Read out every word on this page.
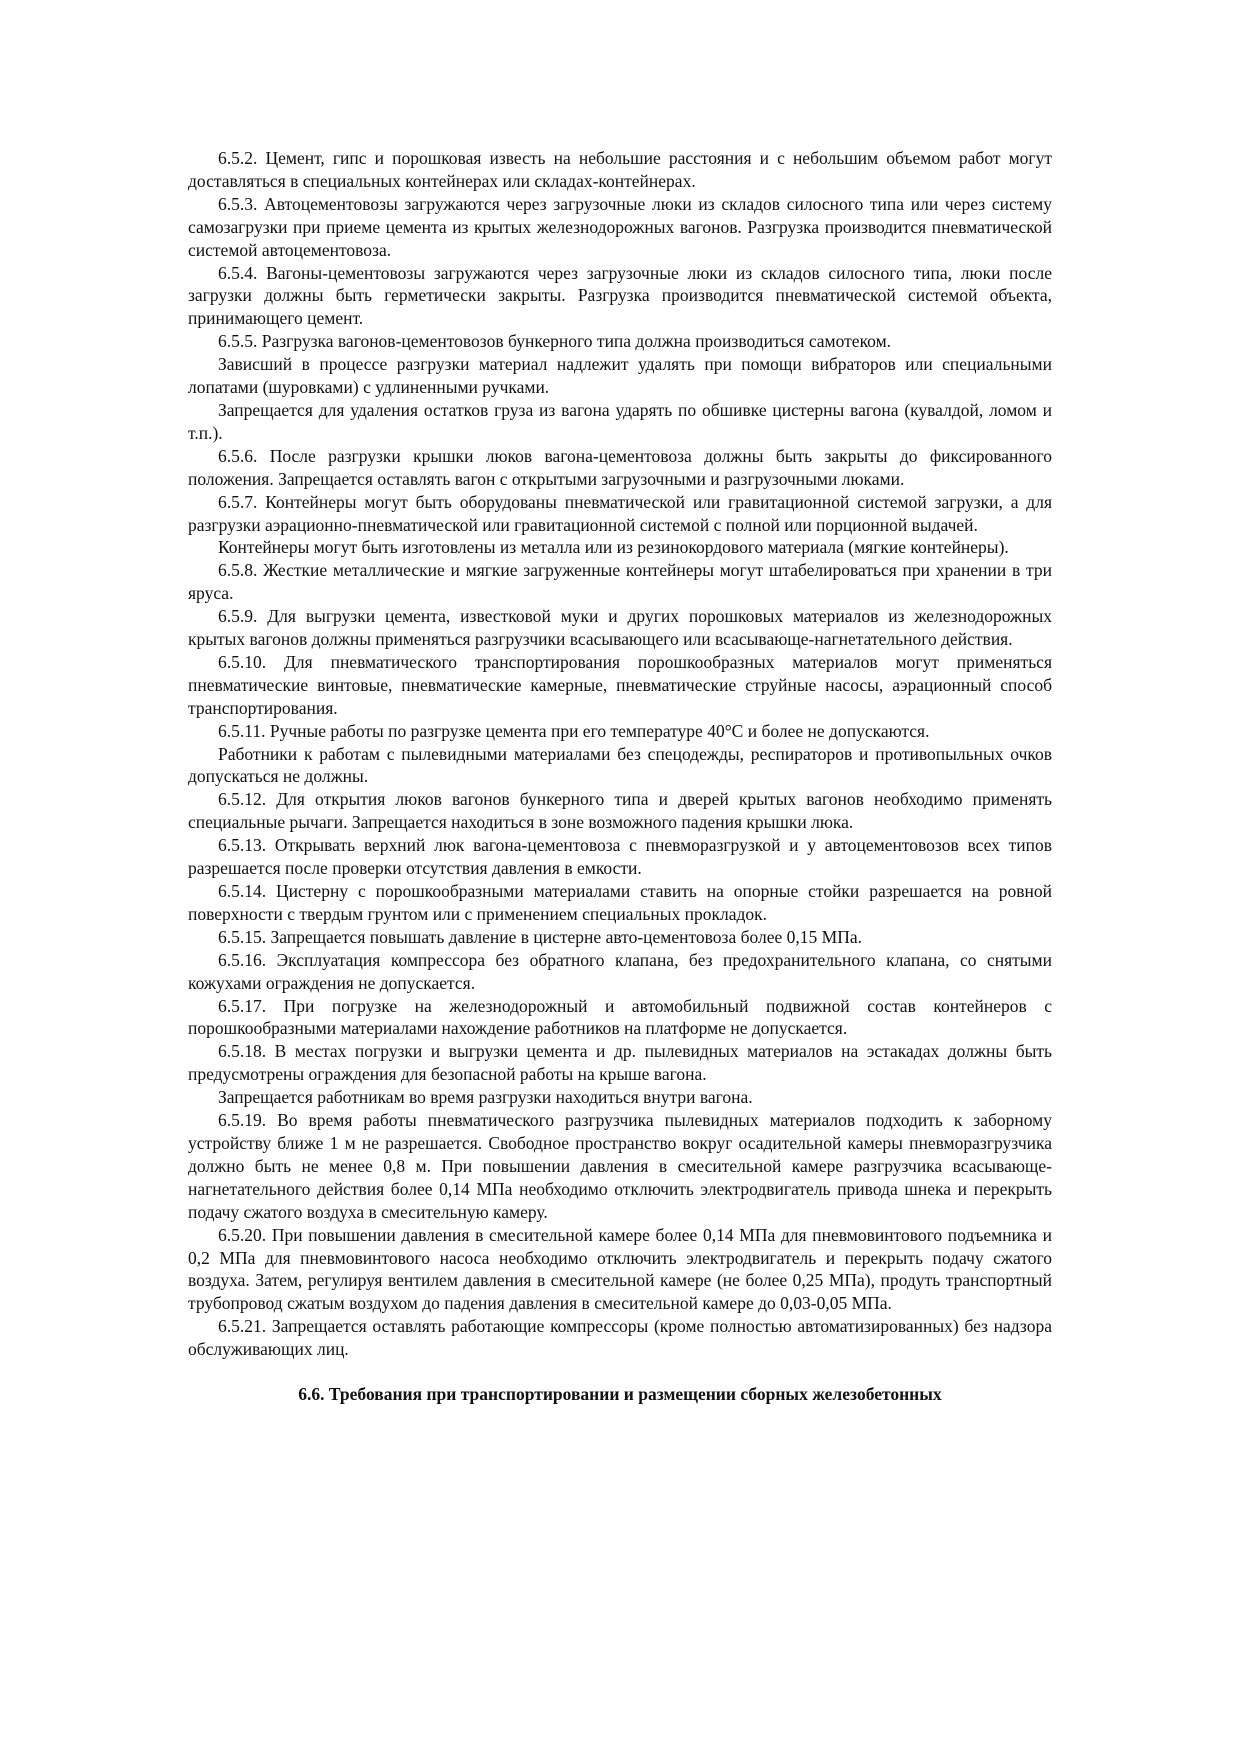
6.5.2. Цемент, гипс и порошковая известь на небольшие расстояния и с небольшим объемом работ могут доставляться в специальных контейнерах или складах-контейнерах.

6.5.3. Автоцементовозы загружаются через загрузочные люки из складов силосного типа или через систему самозагрузки при приеме цемента из крытых железнодорожных вагонов. Разгрузка производится пневматической системой автоцементовоза.

6.5.4. Вагоны-цементовозы загружаются через загрузочные люки из складов силосного типа, люки после загрузки должны быть герметически закрыты. Разгрузка производится пневматической системой объекта, принимающего цемент.

6.5.5. Разгрузка вагонов-цементовозов бункерного типа должна производиться самотеком.

Зависший в процессе разгрузки материал надлежит удалять при помощи вибраторов или специальными лопатами (шуровками) с удлиненными ручками.

Запрещается для удаления остатков груза из вагона ударять по обшивке цистерны вагона (кувалдой, ломом и т.п.).

6.5.6. После разгрузки крышки люков вагона-цементовоза должны быть закрыты до фиксированного положения. Запрещается оставлять вагон с открытыми загрузочными и разгрузочными люками.

6.5.7. Контейнеры могут быть оборудованы пневматической или гравитационной системой загрузки, а для разгрузки аэрационно-пневматической или гравитационной системой с полной или порционной выдачей.

Контейнеры могут быть изготовлены из металла или из резинокордового материала (мягкие контейнеры).

6.5.8. Жесткие металлические и мягкие загруженные контейнеры могут штабелироваться при хранении в три яруса.

6.5.9. Для выгрузки цемента, известковой муки и других порошковых материалов из железнодорожных крытых вагонов должны применяться разгрузчики всасывающего или всасывающе-нагнетательного действия.

6.5.10. Для пневматического транспортирования порошкообразных материалов могут применяться пневматические винтовые, пневматические камерные, пневматические струйные насосы, аэрационный способ транспортирования.

6.5.11. Ручные работы по разгрузке цемента при его температуре 40°С и более не допускаются.

Работники к работам с пылевидными материалами без спецодежды, респираторов и противопыльных очков допускаться не должны.

6.5.12. Для открытия люков вагонов бункерного типа и дверей крытых вагонов необходимо применять специальные рычаги. Запрещается находиться в зоне возможного падения крышки люка.

6.5.13. Открывать верхний люк вагона-цементовоза с пневморазгрузкой и у автоцементовозов всех типов разрешается после проверки отсутствия давления в емкости.

6.5.14. Цистерну с порошкообразными материалами ставить на опорные стойки разрешается на ровной поверхности с твердым грунтом или с применением специальных прокладок.

6.5.15. Запрещается повышать давление в цистерне авто-цементовоза более 0,15 МПа.

6.5.16. Эксплуатация компрессора без обратного клапана, без предохранительного клапана, со снятыми кожухами ограждения не допускается.

6.5.17. При погрузке на железнодорожный и автомобильный подвижной состав контейнеров с порошкообразными материалами нахождение работников на платформе не допускается.

6.5.18. В местах погрузки и выгрузки цемента и др. пылевидных материалов на эстакадах должны быть предусмотрены ограждения для безопасной работы на крыше вагона.

Запрещается работникам во время разгрузки находиться внутри вагона.

6.5.19. Во время работы пневматического разгрузчика пылевидных материалов подходить к заборному устройству ближе 1 м не разрешается. Свободное пространство вокруг осадительной камеры пневморазгрузчика должно быть не менее 0,8 м. При повышении давления в смесительной камере разгрузчика всасывающе-нагнетательного действия более 0,14 МПа необходимо отключить электродвигатель привода шнека и перекрыть подачу сжатого воздуха в смесительную камеру.

6.5.20. При повышении давления в смесительной камере более 0,14 МПа для пневмовинтового подъемника и 0,2 МПа для пневмовинтового насоса необходимо отключить электродвигатель и перекрыть подачу сжатого воздуха. Затем, регулируя вентилем давления в смесительной камере (не более 0,25 МПа), продуть транспортный трубопровод сжатым воздухом до падения давления в смесительной камере до 0,03-0,05 МПа.

6.5.21. Запрещается оставлять работающие компрессоры (кроме полностью автоматизированных) без надзора обслуживающих лиц.

6.6. Требования при транспортировании и размещении сборных железобетонных
